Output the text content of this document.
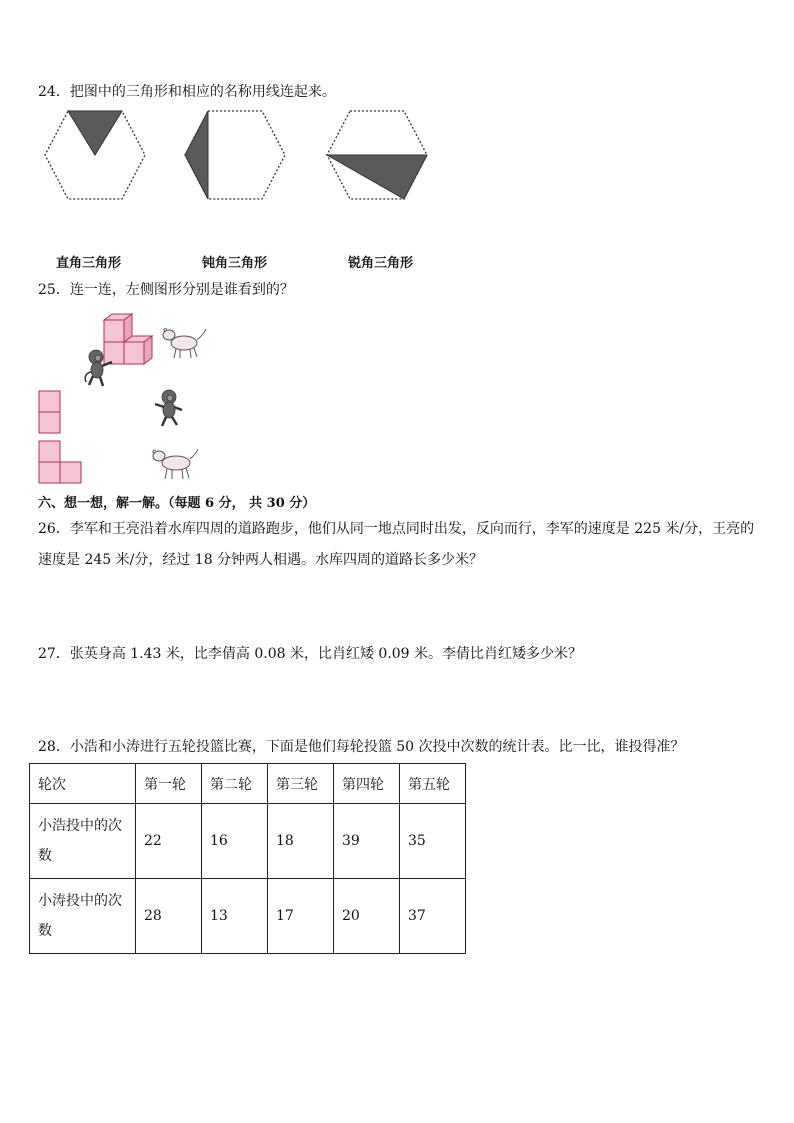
24．把图中的三角形和相应的名称用线连起来。
直角三角形	钝角三角形	锐角三角形
25．连一连，左侧图形分别是谁看到的？
六、想一想，解一解。（每题 6 分， 共 30 分）
26．李军和王亮沿着水库四周的道路跑步，他们从同一地点同时出发，反向而行，李军的速度是 225 米/分，王亮的速度是 245 米/分，经过 18 分钟两人相遇。水库四周的道路长多少米？
27．张英身高 1.43 米，比李倩高 0.08 米，比肖红矮 0.09 米。李倩比肖红矮多少米？
28．小浩和小涛进行五轮投篮比赛，下面是他们每轮投篮 50 次投中次数的统计表。比一比，谁投得准？
轮次	第一轮	第二轮	第三轮	第四轮	第五轮
小浩投中的次数	22	16	18	39	35
小涛投中的次数	28	13	17	20	37
